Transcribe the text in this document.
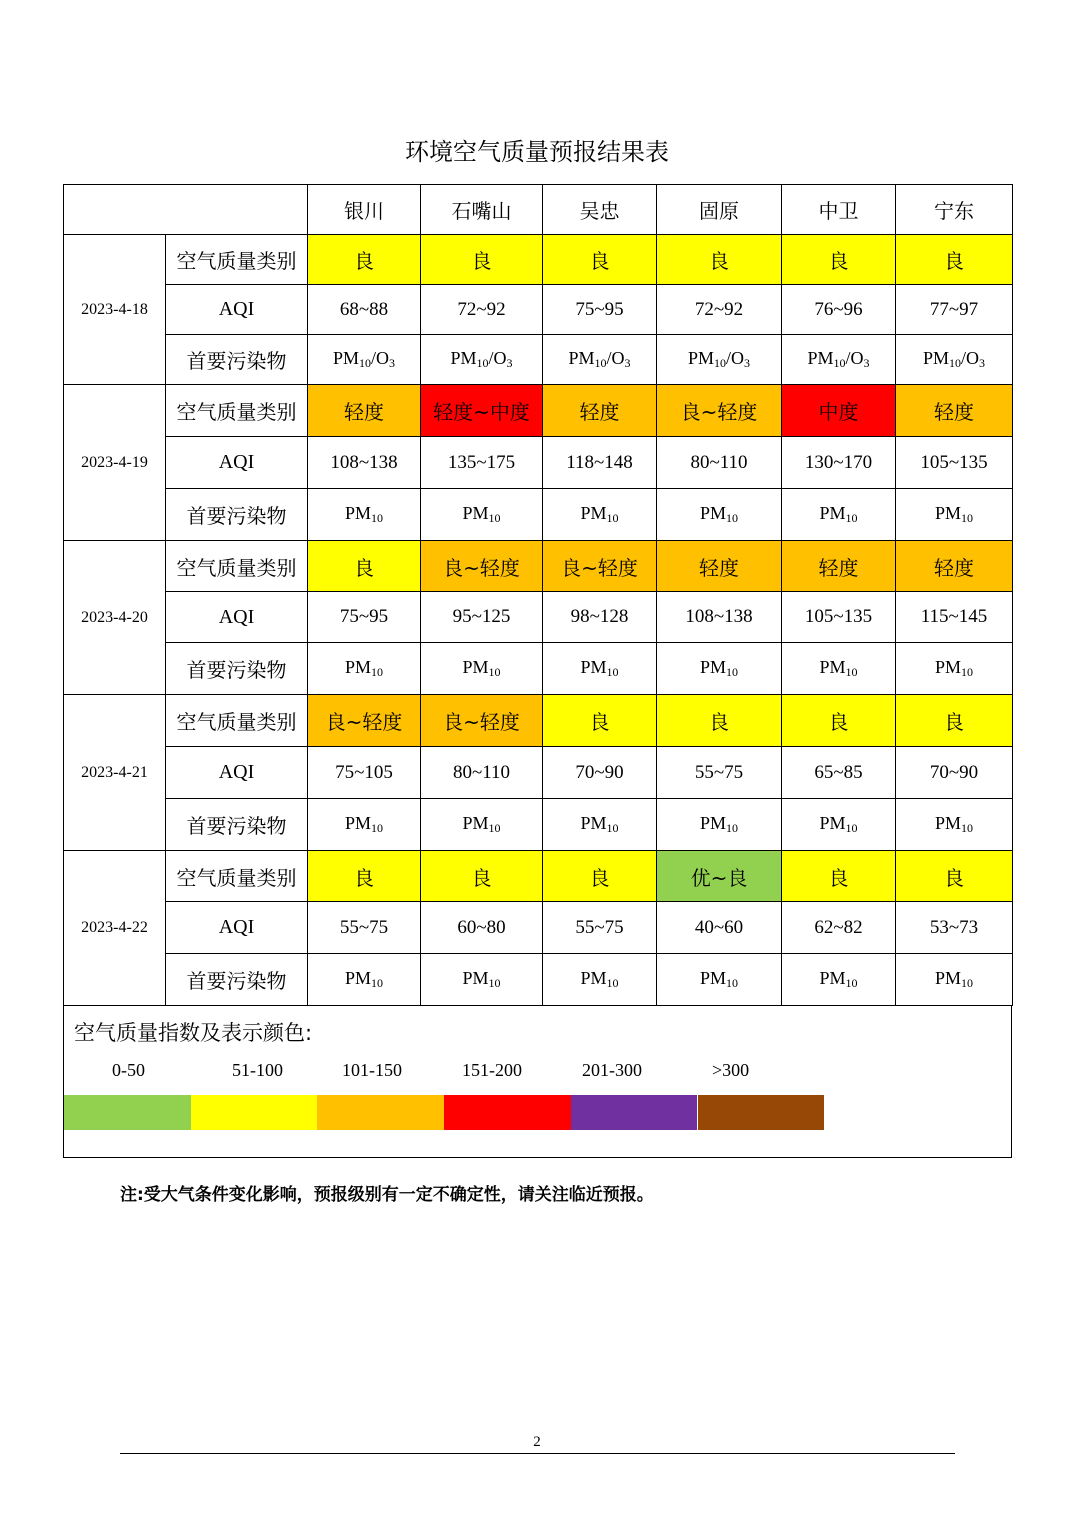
环境空气质量预报结果表
		银川	石嘴山	吴忠	固原	中卫	宁东
2023-4-18	空气质量类别	良	良	良	良	良	良
	AQI	68~88	72~92	75~95	72~92	76~96	77~97
	首要污染物	$PM_{10}/O_3$	$PM_{10}/O_3$	$PM_{10}/O_3$	$PM_{10}/O_3$	$PM_{10}/O_3$	$PM_{10}/O_3$
2023-4-19	空气质量类别	轻度	轻度~中度	轻度	良~轻度	中度	轻度
	AQI	108~138	135~175	118~148	80~110	130~170	105~135
	首要污染物	$PM_{10}$	$PM_{10}$	$PM_{10}$	$PM_{10}$	$PM_{10}$	$PM_{10}$
2023-4-20	空气质量类别	良	良~轻度	良~轻度	轻度	轻度	轻度
	AQI	75~95	95~125	98~128	108~138	105~135	115~145
	首要污染物	$PM_{10}$	$PM_{10}$	$PM_{10}$	$PM_{10}$	$PM_{10}$	$PM_{10}$
2023-4-21	空气质量类别	良~轻度	良~轻度	良	良	良	良
	AQI	75~105	80~110	70~90	55~75	65~85	70~90
	首要污染物	$PM_{10}$	$PM_{10}$	$PM_{10}$	$PM_{10}$	$PM_{10}$	$PM_{10}$
2023-4-22	空气质量类别	良	良	良	优~良	良	良
	AQI	55~75	60~80	55~75	40~60	62~82	53~73
	首要污染物	$PM_{10}$	$PM_{10}$	$PM_{10}$	$PM_{10}$	$PM_{10}$	$PM_{10}$
空气质量指数及表示颜色:
0-50	51-100	101-150	151-200	201-300	>300
注:受大气条件变化影响，预报级别有一定不确定性，请关注临近预报。
2
